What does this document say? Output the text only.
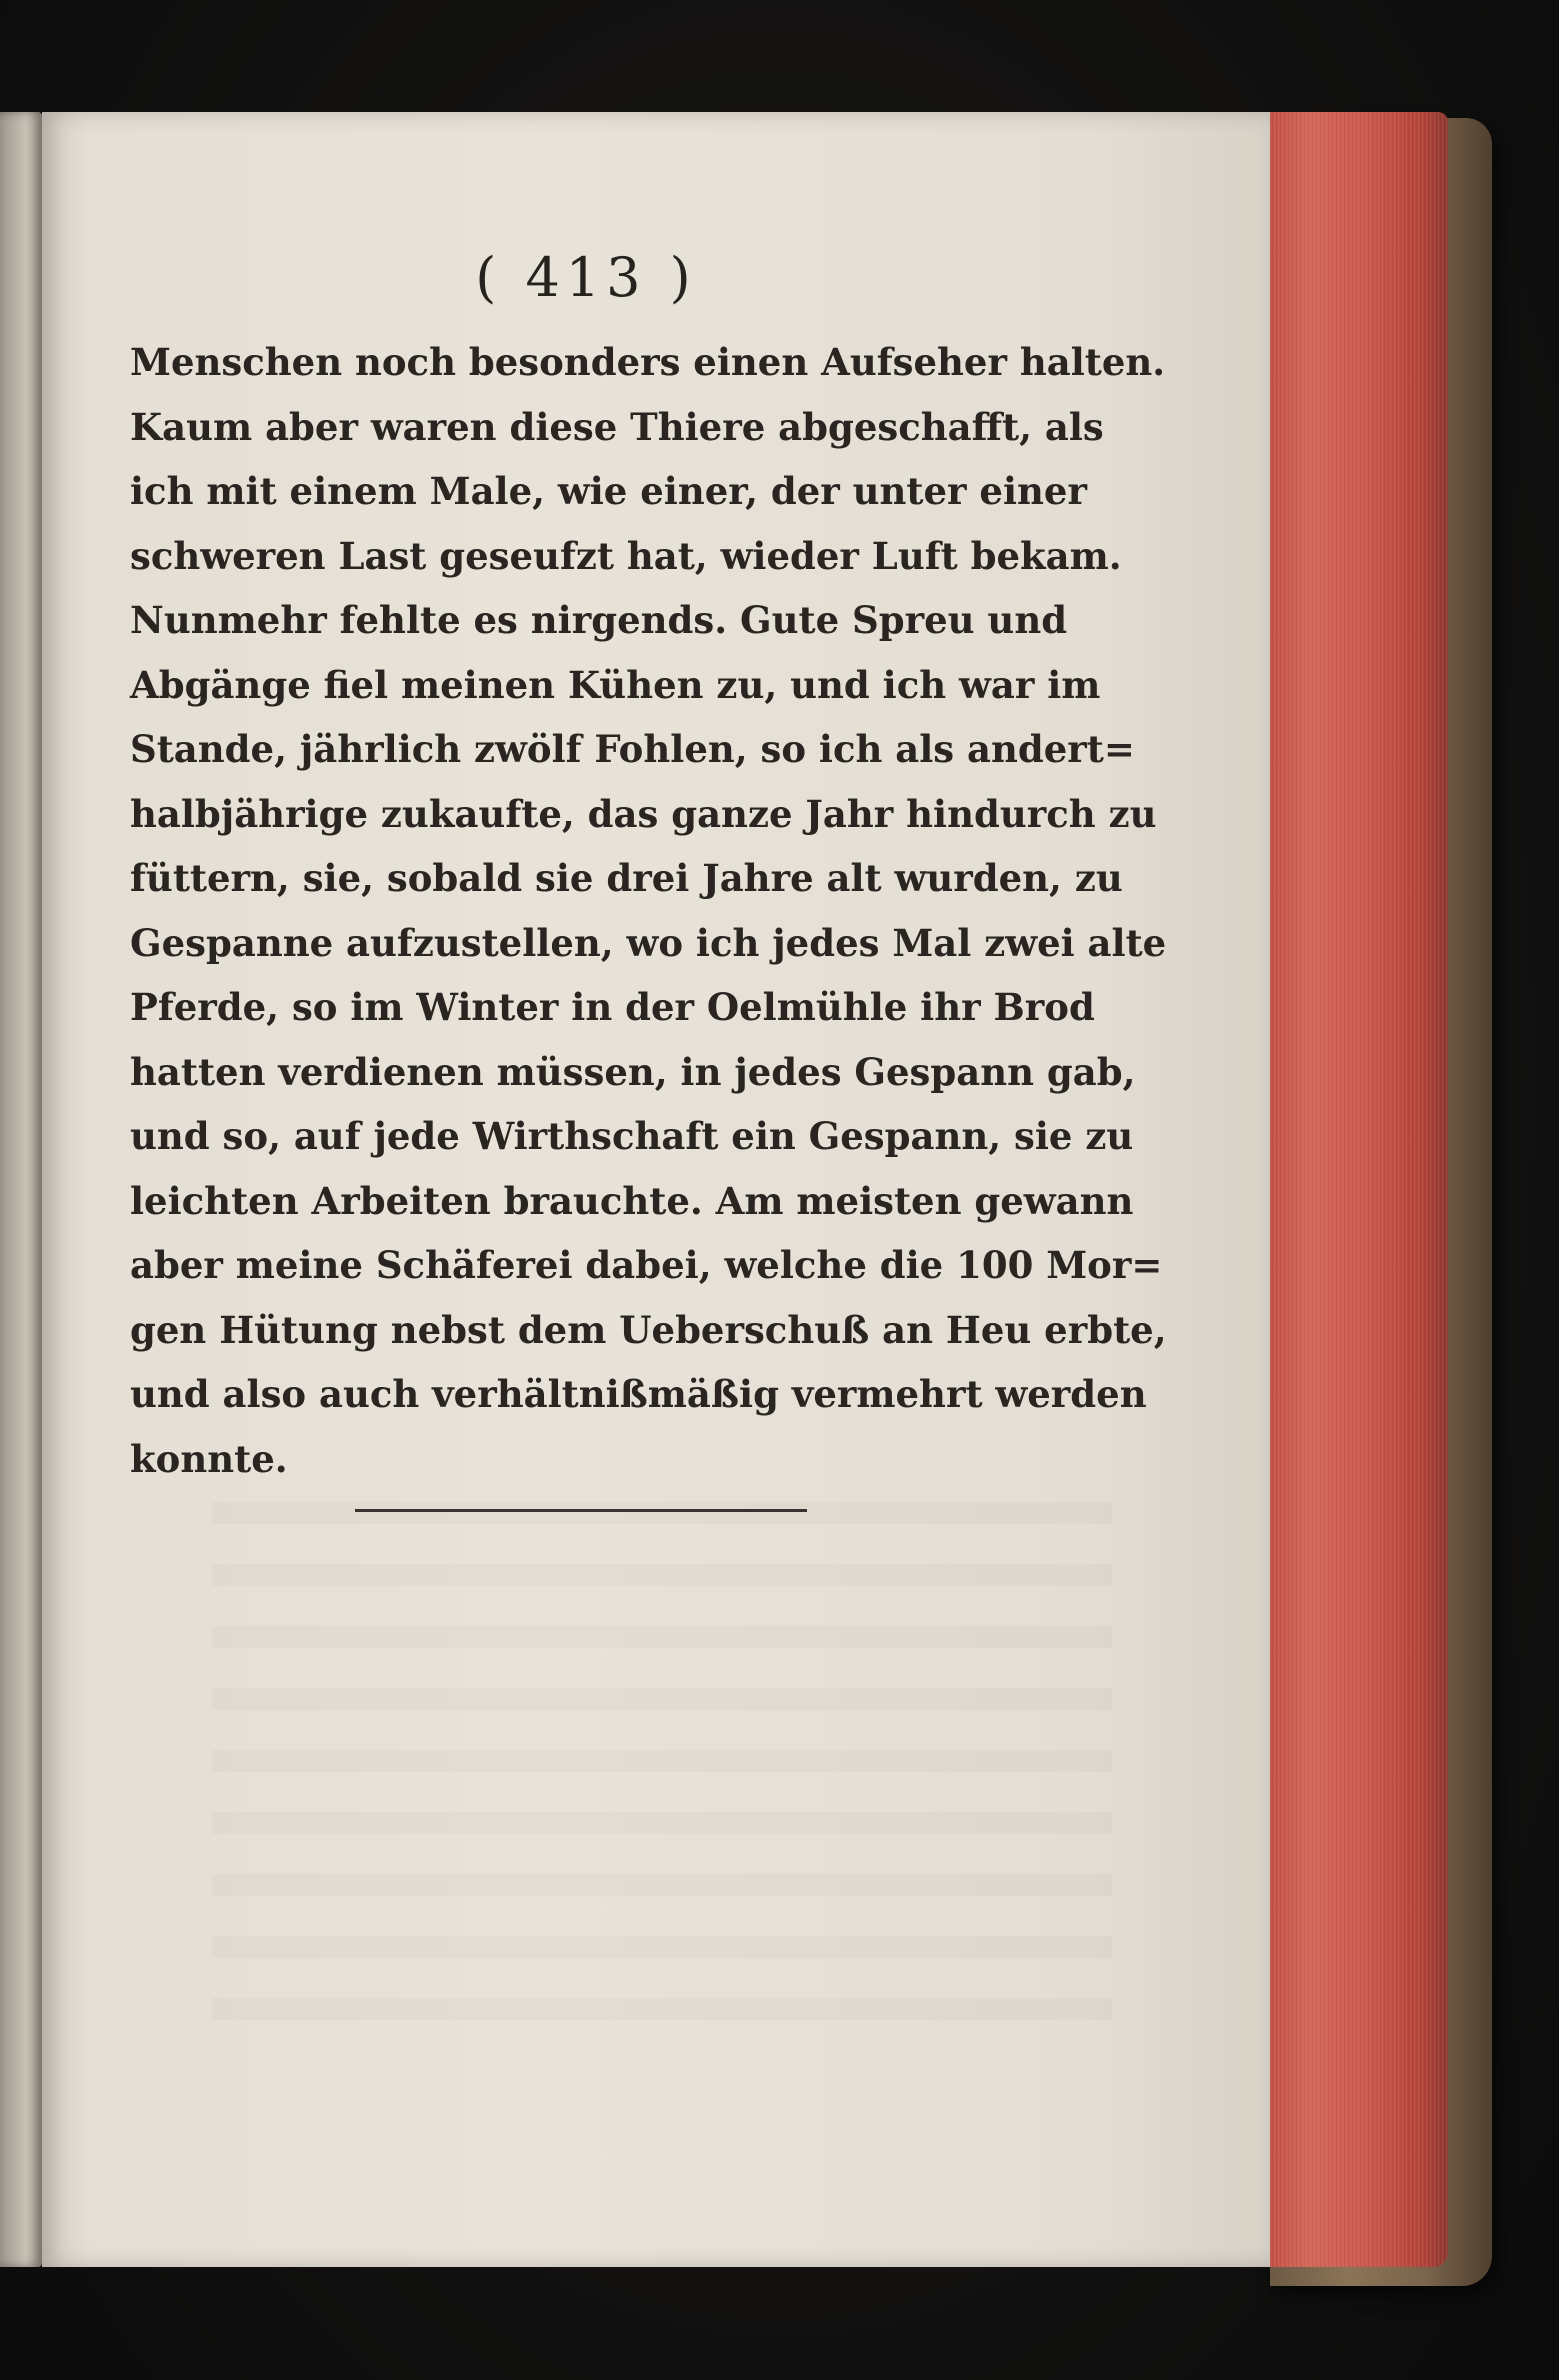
( 413 )
Menschen noch besonders einen Aufseher halten.
Kaum aber waren diese Thiere abgeschafft, als
ich mit einem Male, wie einer, der unter einer
schweren Last geseufzt hat, wieder Luft bekam.
Nunmehr fehlte es nirgends. Gute Spreu und
Abgänge fiel meinen Kühen zu, und ich war im
Stande, jährlich zwölf Fohlen, so ich als andert=
halbjährige zukaufte, das ganze Jahr hindurch zu
füttern, sie, sobald sie drei Jahre alt wurden, zu
Gespanne aufzustellen, wo ich jedes Mal zwei alte
Pferde, so im Winter in der Oelmühle ihr Brod
hatten verdienen müssen, in jedes Gespann gab,
und so, auf jede Wirthschaft ein Gespann, sie zu
leichten Arbeiten brauchte. Am meisten gewann
aber meine Schäferei dabei, welche die 100 Mor=
gen Hütung nebst dem Ueberschuß an Heu erbte,
und also auch verhältnißmäßig vermehrt werden
konnte.
